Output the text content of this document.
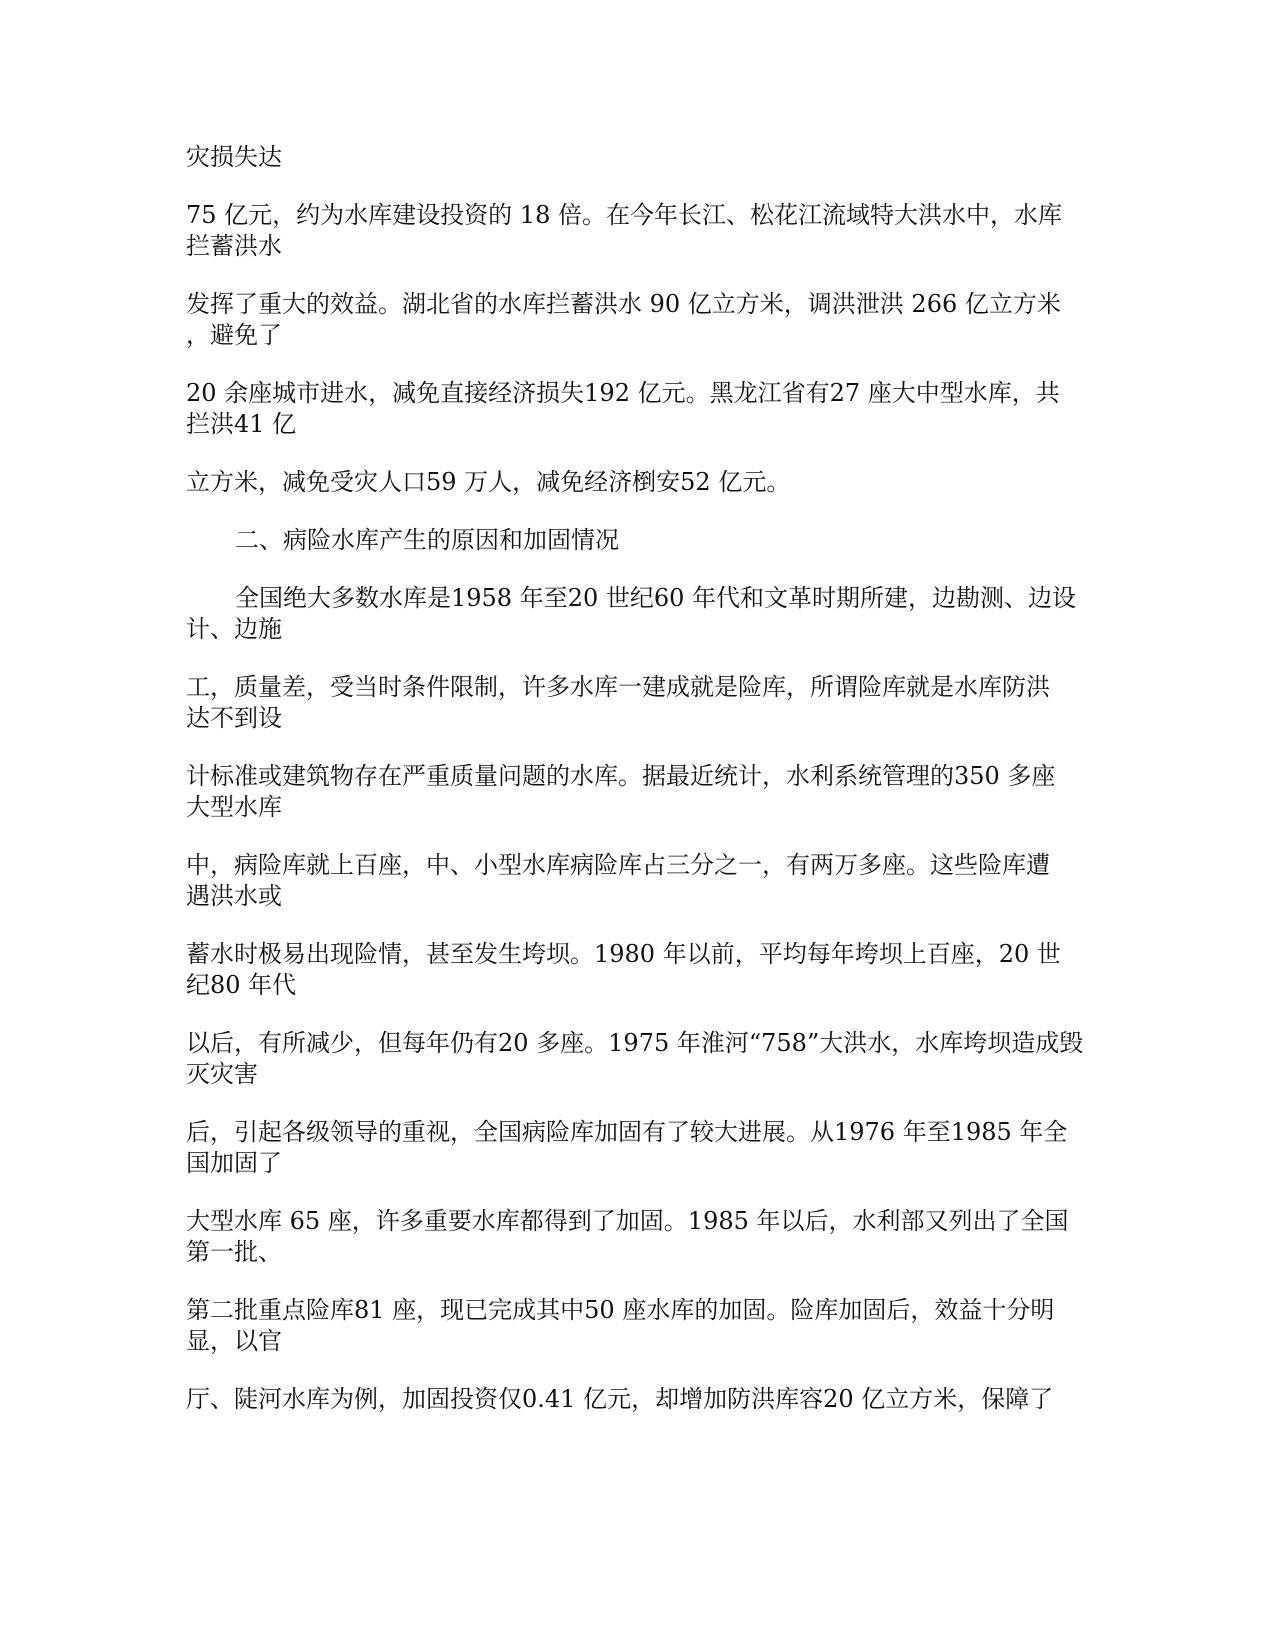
灾损失达

75 亿元，约为水库建设投资的 18 倍。在今年长江、松花江流域特大洪水中，水库
拦蓄洪水

发挥了重大的效益。湖北省的水库拦蓄洪水 90 亿立方米，调洪泄洪 266 亿立方米
，避免了

20 余座城市进水，减免直接经济损失192 亿元。黑龙江省有27 座大中型水库，共
拦洪41 亿

立方米，减免受灾人口59 万人，减免经济椡安52 亿元。

二、病险水库产生的原因和加固情况

全国绝大多数水库是1958 年至20 世纪60 年代和文革时期所建，边勘测、边设
计、边施

工，质量差，受当时条件限制，许多水库一建成就是险库，所谓险库就是水库防洪
达不到设

计标准或建筑物存在严重质量问题的水库。据最近统计，水利系统管理的350 多座
大型水库

中，病险库就上百座，中、小型水库病险库占三分之一，有两万多座。这些险库遭
遇洪水或

蓄水时极易出现险情，甚至发生垮坝。1980 年以前，平均每年垮坝上百座，20 世
纪80 年代

以后，有所减少，但每年仍有20 多座。1975 年淮河“758”大洪水，水库垮坝造成毁
灭灾害

后，引起各级领导的重视，全国病险库加固有了较大进展。从1976 年至1985 年全
国加固了

大型水库 65 座，许多重要水库都得到了加固。1985 年以后，水利部又列出了全国
第一批、

第二批重点险库81 座，现已完成其中50 座水库的加固。险库加固后，效益十分明
显，以官

厅、陡河水库为例，加固投资仅0.41 亿元，却增加防洪库容20 亿立方米，保障了
